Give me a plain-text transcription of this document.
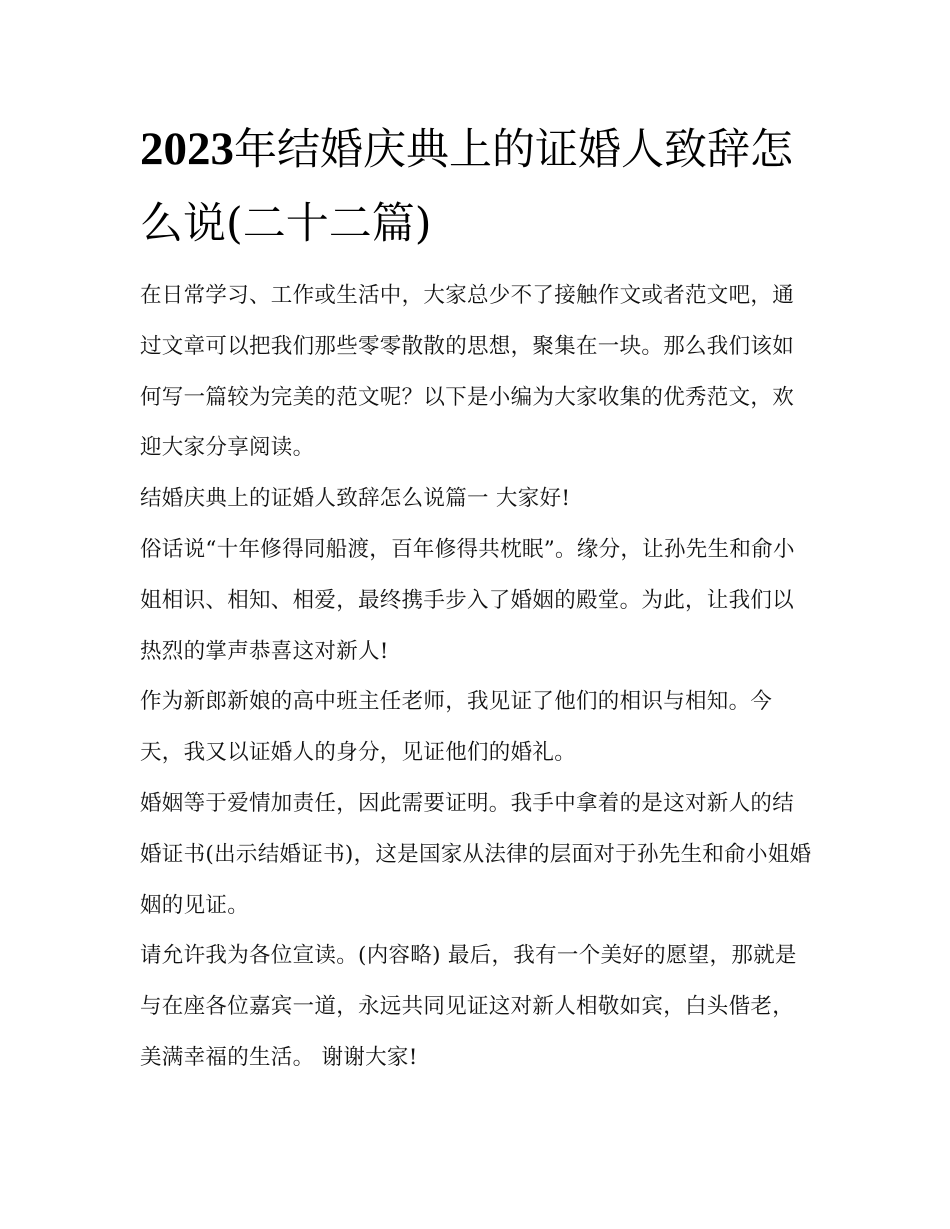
2023年结婚庆典上的证婚人致辞怎么说(二十二篇)

在日常学习、工作或生活中，大家总少不了接触作文或者范文吧，通过文章可以把我们那些零零散散的思想，聚集在一块。那么我们该如何写一篇较为完美的范文呢？以下是小编为大家收集的优秀范文，欢迎大家分享阅读。

结婚庆典上的证婚人致辞怎么说篇一 大家好!

俗话说“十年修得同船渡，百年修得共枕眠”。缘分，让孙先生和俞小姐相识、相知、相爱，最终携手步入了婚姻的殿堂。为此，让我们以热烈的掌声恭喜这对新人!

作为新郎新娘的高中班主任老师，我见证了他们的相识与相知。今天，我又以证婚人的身分，见证他们的婚礼。

婚姻等于爱情加责任，因此需要证明。我手中拿着的是这对新人的结婚证书(出示结婚证书)，这是国家从法律的层面对于孙先生和俞小姐婚姻的见证。

请允许我为各位宣读。(内容略) 最后，我有一个美好的愿望，那就是与在座各位嘉宾一道，永远共同见证这对新人相敬如宾，白头偕老，美满幸福的生活。 谢谢大家!
